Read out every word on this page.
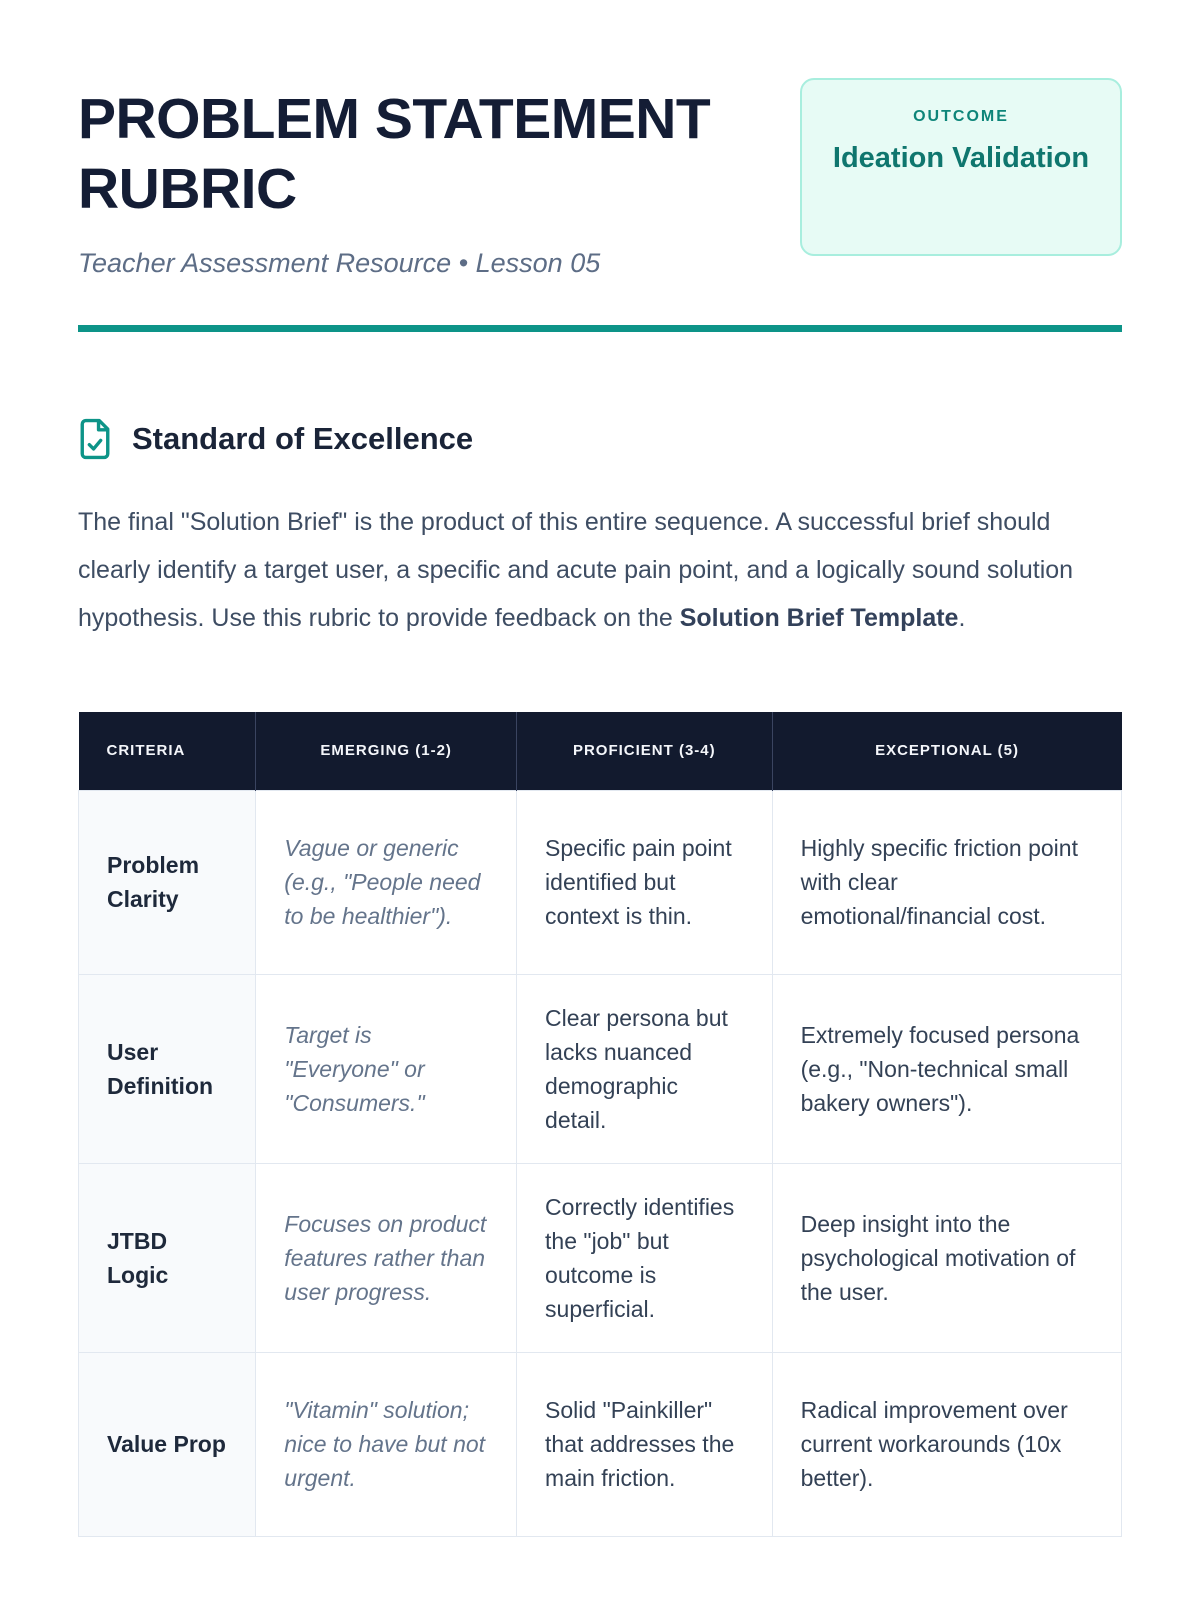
PROBLEM STATEMENT RUBRIC

Teacher Assessment Resource • Lesson 05

OUTCOME
Ideation Validation
Standard of Excellence

The final "Solution Brief" is the product of this entire sequence. A successful brief should clearly identify a target user, a specific and acute pain point, and a logically sound solution hypothesis. Use this rubric to provide feedback on the Solution Brief Template.

CRITERIA	EMERGING (1-2)	PROFICIENT (3-4)	EXCEPTIONAL (5)
Problem Clarity	Vague or generic (e.g., "People need to be healthier").	Specific pain point identified but context is thin.	Highly specific friction point with clear emotional/financial cost.
User Definition	Target is "Everyone" or "Consumers."	Clear persona but lacks nuanced demographic detail.	Extremely focused persona (e.g., "Non-technical small bakery owners").
JTBD Logic	Focuses on product features rather than user progress.	Correctly identifies the "job" but outcome is superficial.	Deep insight into the psychological motivation of the user.
Value Prop	"Vitamin" solution; nice to have but not urgent.	Solid "Painkiller" that addresses the main friction.	Radical improvement over current workarounds (10x better).
